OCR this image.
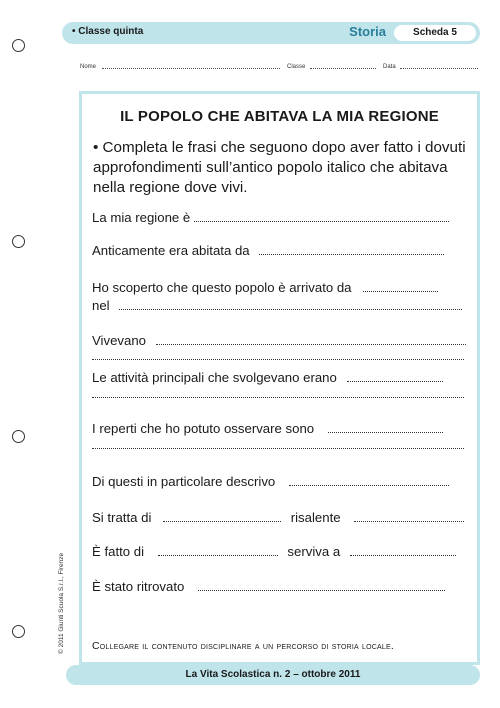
• Classe quinta	Storia	Scheda 5
Nome	Classe	Data
IL POPOLO CHE ABITAVA LA MIA REGIONE
• Completa le frasi che seguono dopo aver fatto i dovuti approfondimenti sull’antico popolo italico che abitava nella regione dove vivi.
La mia regione è
Anticamente era abitata da
Ho scoperto che questo popolo è arrivato da
nel
Vivevano
Le attività principali che svolgevano erano
I reperti che ho potuto osservare sono
Di questi in particolare descrivo
Si tratta di	risalente
È fatto di	serviva a
È stato ritrovato
Collegare il contenuto disciplinare a un percorso di storia locale.
© 2011 Giunti Scuola S.r.l., Firenze
La Vita Scolastica n. 2 – ottobre 2011
